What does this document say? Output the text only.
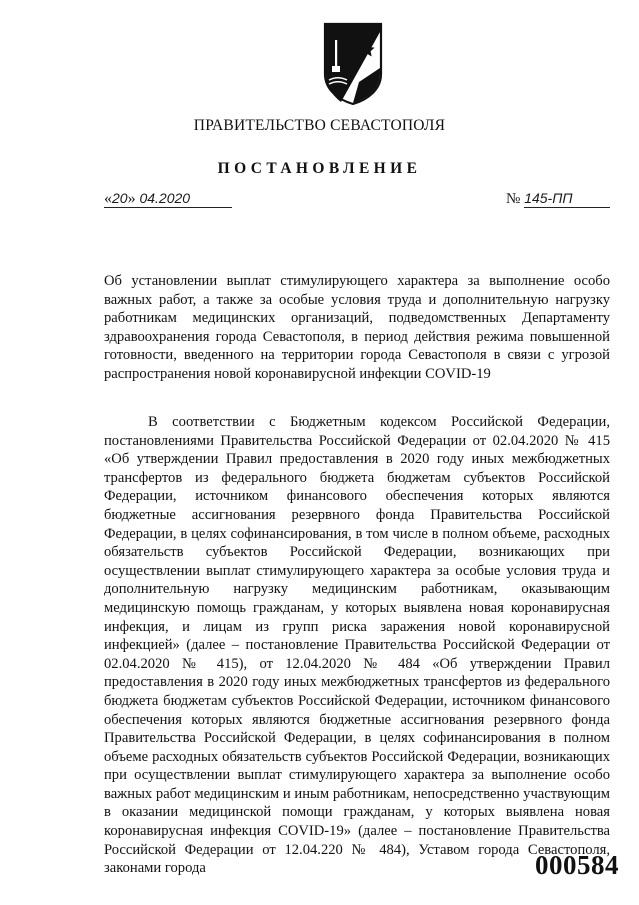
ПРАВИТЕЛЬСТВО СЕВАСТОПОЛЯ
ПОСТАНОВЛЕНИЕ
«20» 04.2020	№ 145-ПП

Об установлении выплат стимулирующего характера за выполнение особо важных работ, а также за особые условия труда и дополнительную нагрузку работникам медицинских организаций, подведомственных Департаменту здравоохранения города Севастополя, в период действия режима повышенной готовности, введенного на территории города Севастополя в связи с угрозой распространения новой коронавирусной инфекции COVID-19

В соответствии с Бюджетным кодексом Российской Федерации, постановлениями Правительства Российской Федерации от 02.04.2020 № 415 «Об утверждении Правил предоставления в 2020 году иных межбюджетных трансфертов из федерального бюджета бюджетам субъектов Российской Федерации, источником финансового обеспечения которых являются бюджетные ассигнования резервного фонда Правительства Российской Федерации, в целях софинансирования, в том числе в полном объеме, расходных обязательств субъектов Российской Федерации, возникающих при осуществлении выплат стимулирующего характера за особые условия труда и дополнительную нагрузку медицинским работникам, оказывающим медицинскую помощь гражданам, у которых выявлена новая коронавирусная инфекция, и лицам из групп риска заражения новой коронавирусной инфекцией» (далее – постановление Правительства Российской Федерации от 02.04.2020 № 415), от 12.04.2020 № 484 «Об утверждении Правил предоставления в 2020 году иных межбюджетных трансфертов из федерального бюджета бюджетам субъектов Российской Федерации, источником финансового обеспечения которых являются бюджетные ассигнования резервного фонда Правительства Российской Федерации, в целях софинансирования в полном объеме расходных обязательств субъектов Российской Федерации, возникающих при осуществлении выплат стимулирующего характера за выполнение особо важных работ медицинским и иным работникам, непосредственно участвующим в оказании медицинской помощи гражданам, у которых выявлена новая коронавирусная инфекция COVID-19» (далее – постановление Правительства Российской Федерации от 12.04.220 № 484), Уставом города Севастополя, законами города	000584
